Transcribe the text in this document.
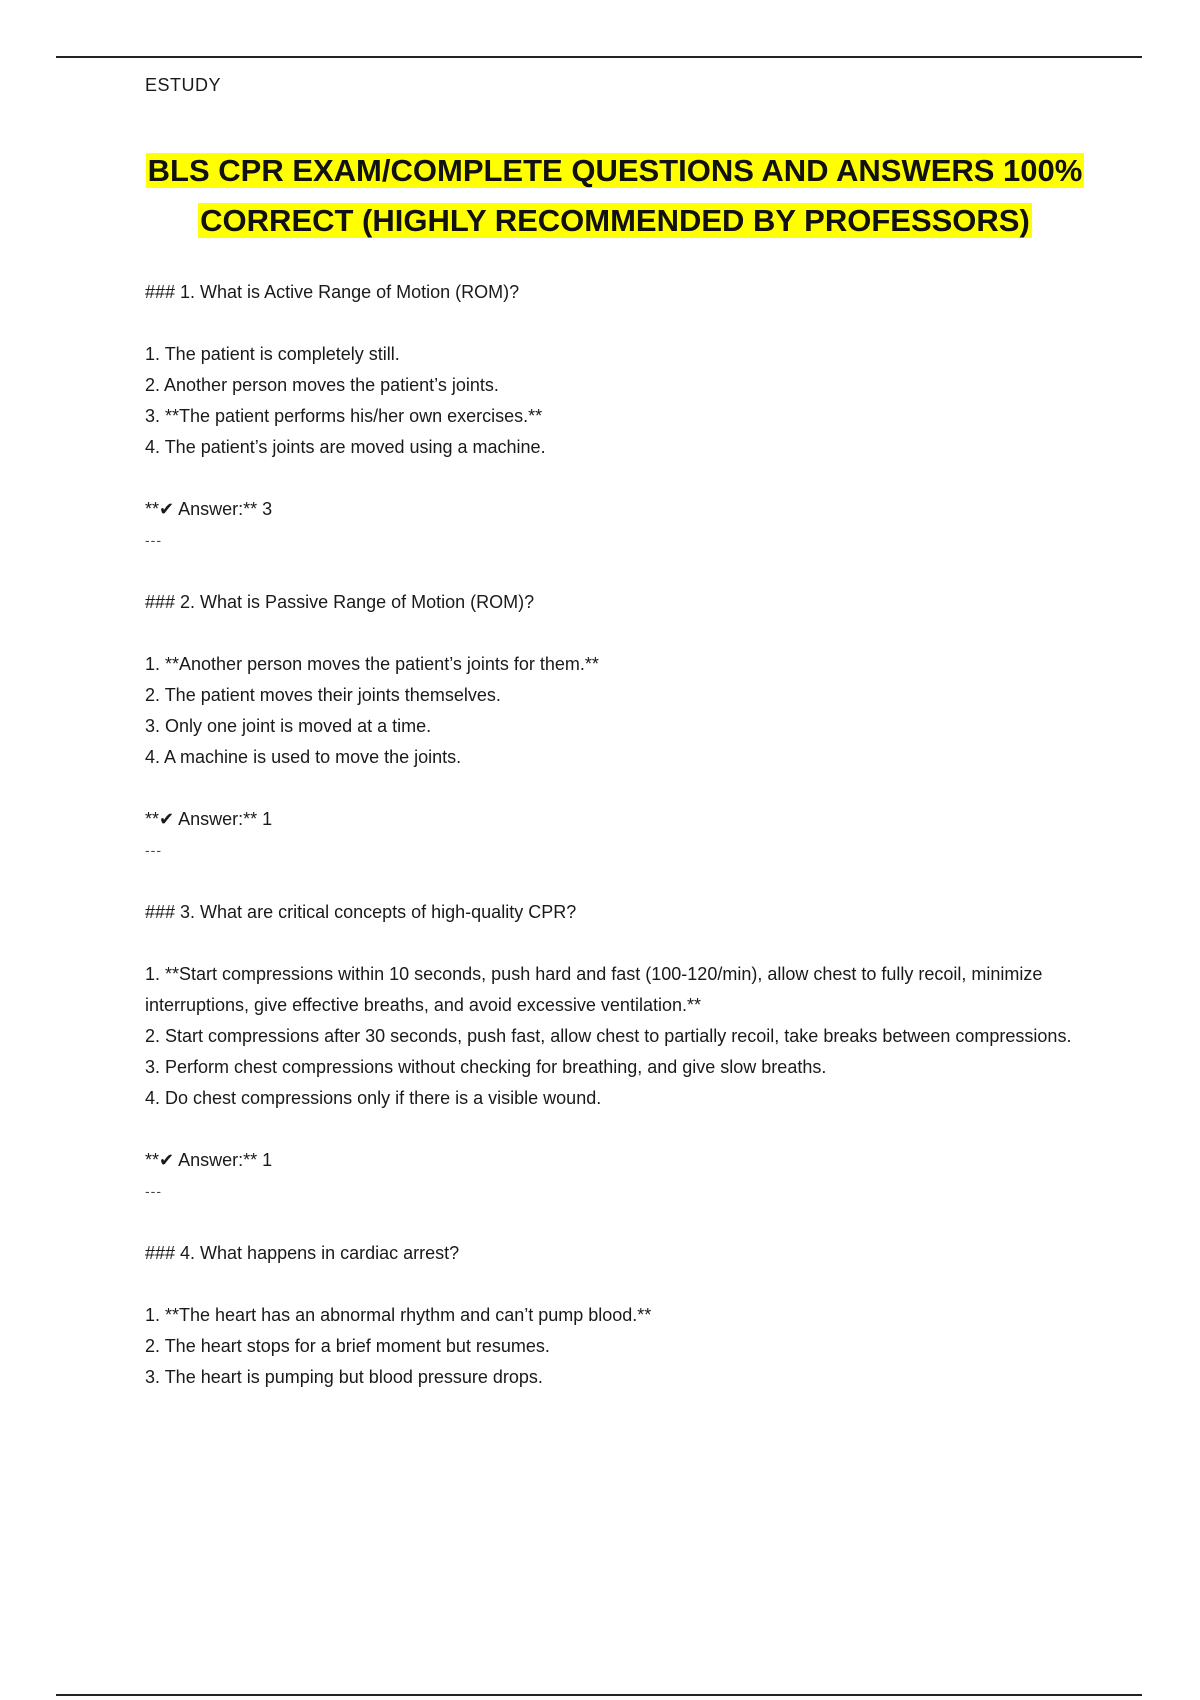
ESTUDY
BLS CPR EXAM/COMPLETE QUESTIONS AND ANSWERS 100%
CORRECT (HIGHLY RECOMMENDED BY PROFESSORS)

### 1. What is Active Range of Motion (ROM)?

1. The patient is completely still.

2. Another person moves the patient’s joints.

3. **The patient performs his/her own exercises.**

4. The patient’s joints are moved using a machine.

**✔ Answer:** 3

---

### 2. What is Passive Range of Motion (ROM)?

1. **Another person moves the patient’s joints for them.**

2. The patient moves their joints themselves.

3. Only one joint is moved at a time.

4. A machine is used to move the joints.

**✔ Answer:** 1

---

### 3. What are critical concepts of high-quality CPR?

1. **Start compressions within 10 seconds, push hard and fast (100-120/min), allow chest to fully recoil, minimize interruptions, give effective breaths, and avoid excessive ventilation.**

2. Start compressions after 30 seconds, push fast, allow chest to partially recoil, take breaks between compressions.

3. Perform chest compressions without checking for breathing, and give slow breaths.

4. Do chest compressions only if there is a visible wound.

**✔ Answer:** 1

---

### 4. What happens in cardiac arrest?

1. **The heart has an abnormal rhythm and can’t pump blood.**

2. The heart stops for a brief moment but resumes.

3. The heart is pumping but blood pressure drops.
